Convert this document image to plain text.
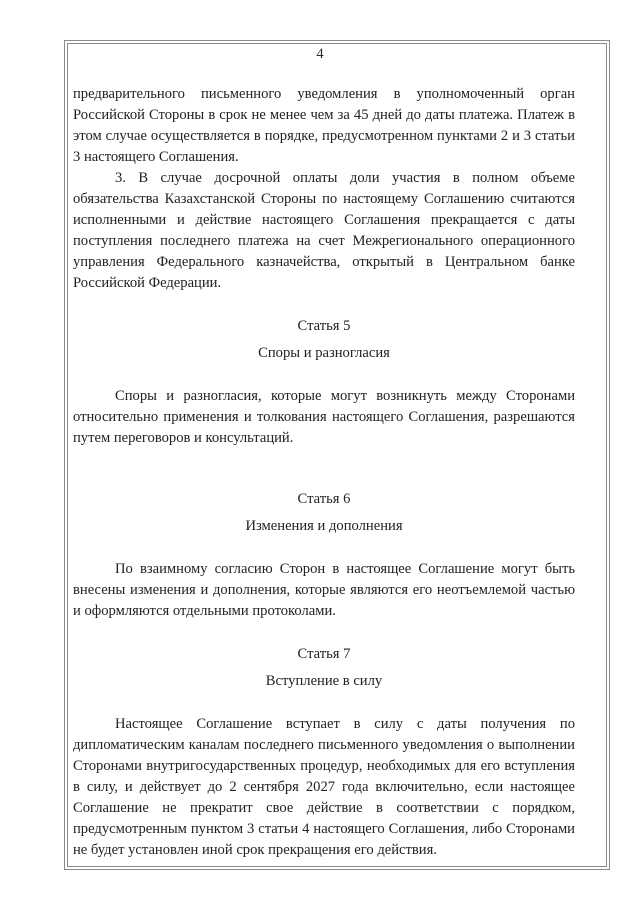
4

предварительного письменного уведомления в уполномоченный орган Российской Стороны в срок не менее чем за 45 дней до даты платежа. Платеж в этом случае осуществляется в порядке, предусмотренном пунктами 2 и 3 статьи 3 настоящего Соглашения.

3. В случае досрочной оплаты доли участия в полном объеме обязательства Казахстанской Стороны по настоящему Соглашению считаются исполненными и действие настоящего Соглашения прекращается с даты поступления последнего платежа на счет Межрегионального операционного управления Федерального казначейства, открытый в Центральном банке Российской Федерации.

Статья 5

Споры и разногласия

Споры и разногласия, которые могут возникнуть между Сторонами относительно применения и толкования настоящего Соглашения, разрешаются путем переговоров и консультаций.

Статья 6

Изменения и дополнения

По взаимному согласию Сторон в настоящее Соглашение могут быть внесены изменения и дополнения, которые являются его неотъемлемой частью и оформляются отдельными протоколами.

Статья 7

Вступление в силу

Настоящее Соглашение вступает в силу с даты получения по дипломатическим каналам последнего письменного уведомления о выполнении Сторонами внутригосударственных процедур, необходимых для его вступления в силу, и действует до 2 сентября 2027 года включительно, если настоящее Соглашение не прекратит свое действие в соответствии с порядком, предусмотренным пунктом 3 статьи 4 настоящего Соглашения, либо Сторонами не будет установлен иной срок прекращения его действия.
